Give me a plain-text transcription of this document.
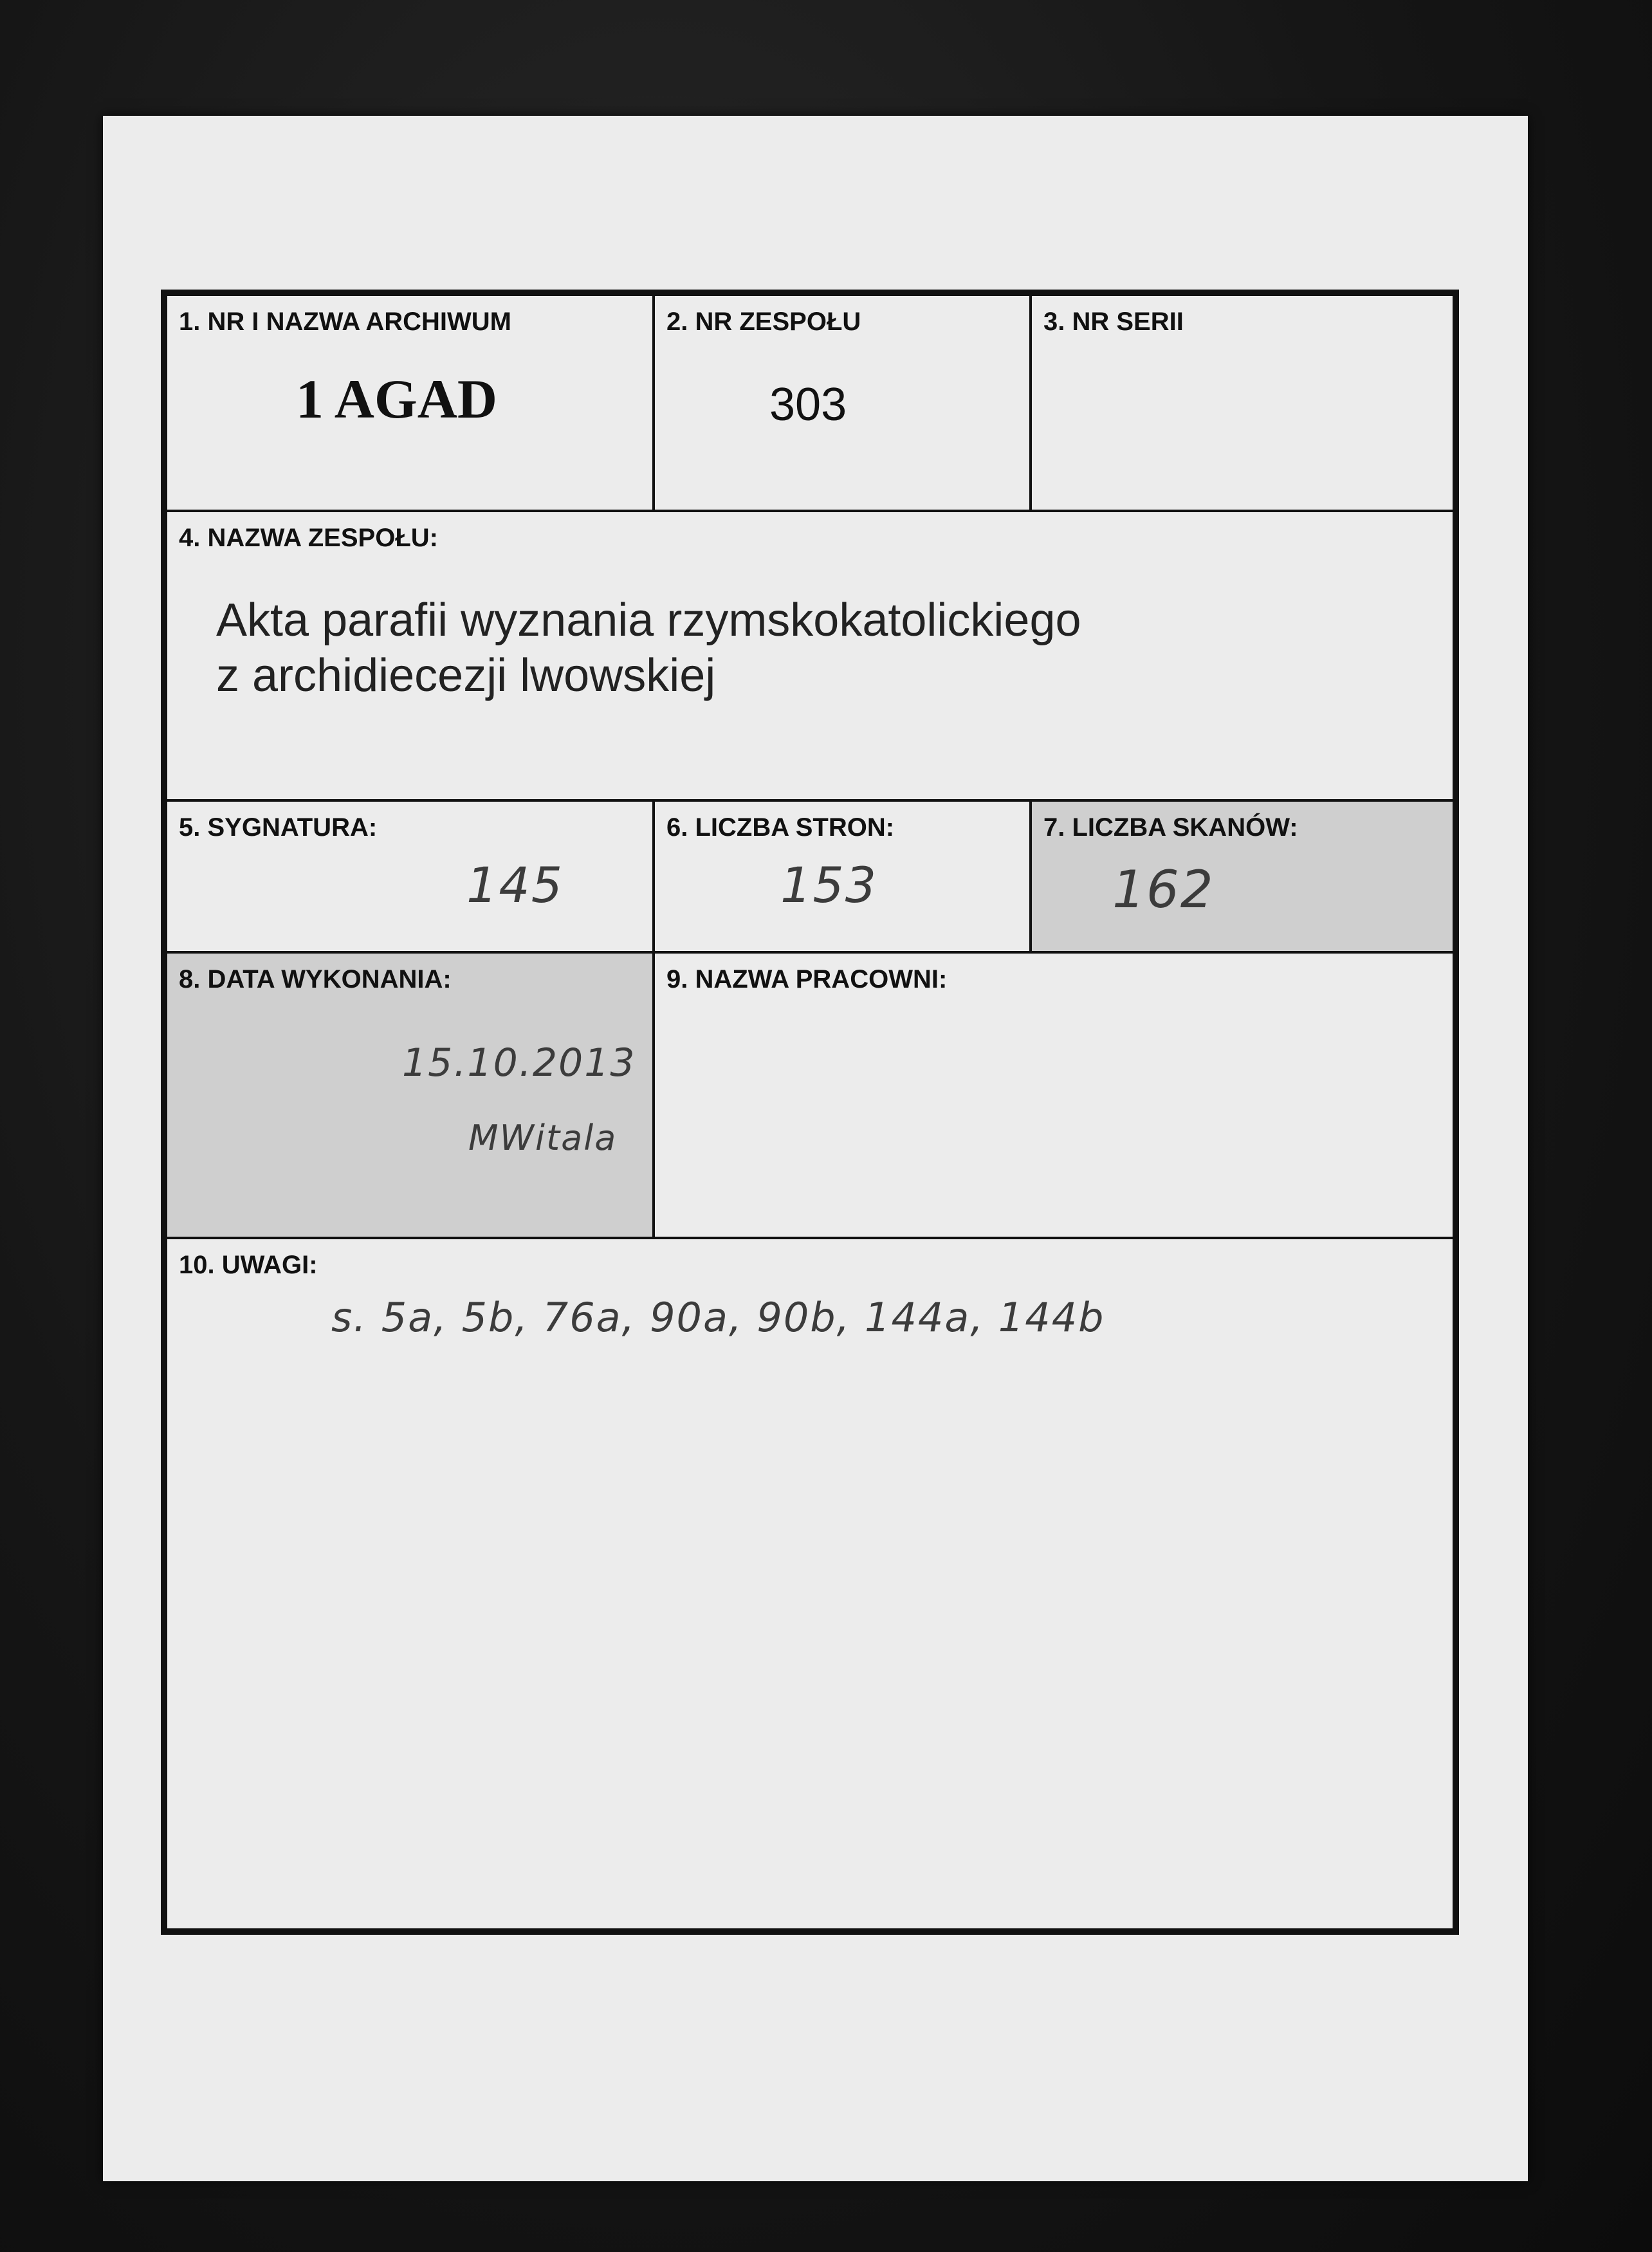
1. NR I NAZWA ARCHIWUM
1 AGAD
2. NR ZESPOŁU
303
3. NR SERII
4. NAZWA ZESPOŁU:
Akta parafii wyznania rzymskokatolickiego
z archidiecezji lwowskiej
5. SYGNATURA:
145
6. LICZBA STRON:
153
7. LICZBA SKANÓW:
162
8. DATA WYKONANIA:
15.10.2013
MWitala
9. NAZWA PRACOWNI:
10. UWAGI:
s. 5a, 5b, 76a, 90a, 90b, 144a, 144b
